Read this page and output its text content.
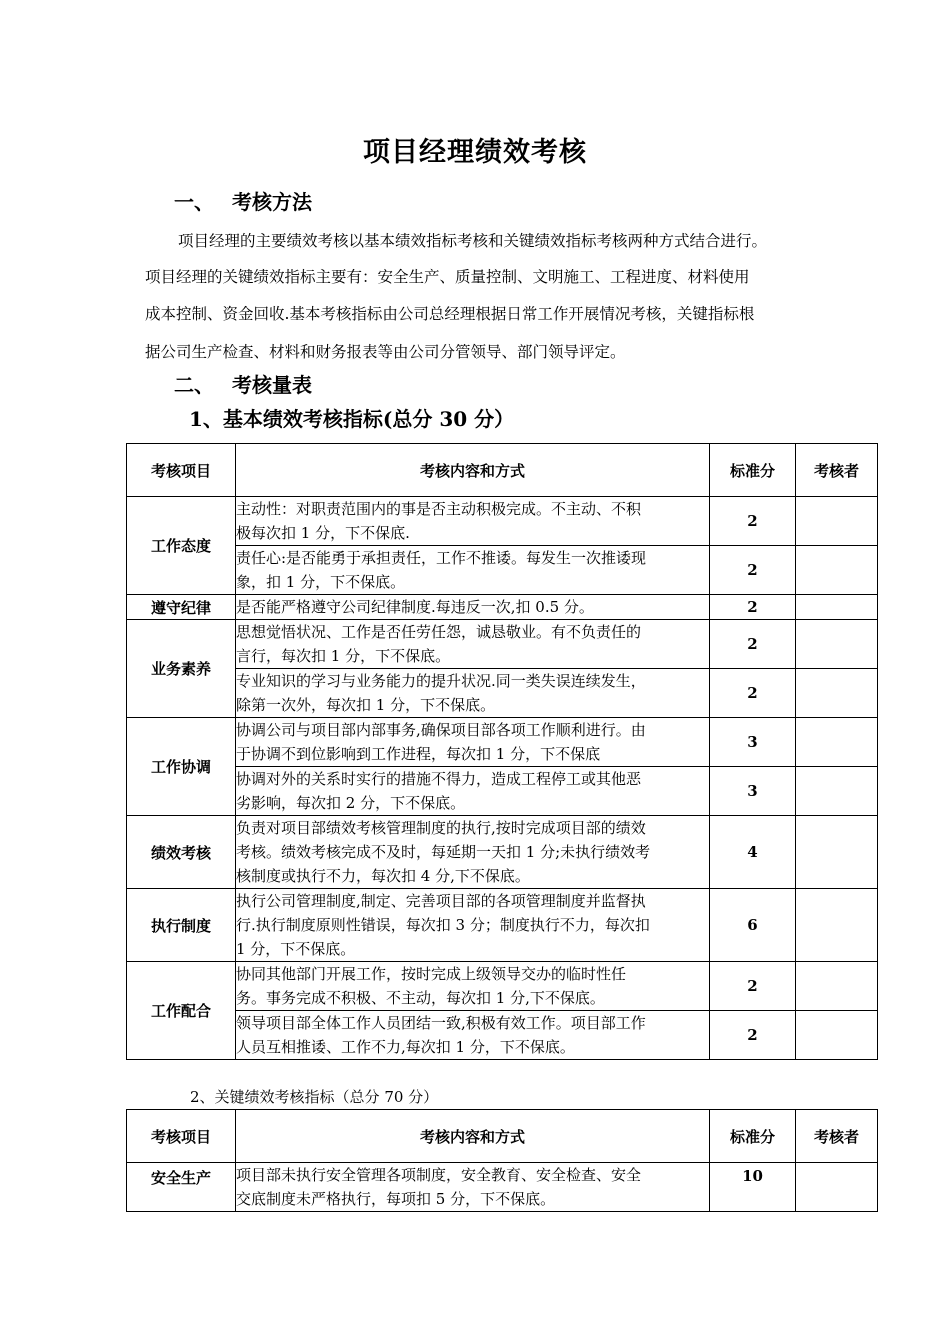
项目经理绩效考核
一、 考核方法
项目经理的主要绩效考核以基本绩效指标考核和关键绩效指标考核两种方式结合进行。
项目经理的关键绩效指标主要有：安全生产、质量控制、文明施工、工程进度、材料使用
成本控制、资金回收.基本考核指标由公司总经理根据日常工作开展情况考核，关键指标根
据公司生产检查、材料和财务报表等由公司分管领导、部门领导评定。
二、 考核量表
1、基本绩效考核指标(总分 30 分）
考核项目	考核内容和方式	标准分	考核者
工作态度	主动性：对职责范围内的事是否主动积极完成。不主动、不积
极每次扣 1 分，下不保底.	2	

	责任心:是否能勇于承担责任，工作不推诿。每发生一次推诿现
象，扣 1 分，下不保底。	2	
遵守纪律	是否能严格遵守公司纪律制度.每违反一次,扣 0.5 分。	2	
业务素养	思想觉悟状况、工作是否任劳任怨，诚恳敬业。有不负责任的
言行，每次扣 1 分，下不保底。	2	

	专业知识的学习与业务能力的提升状况.同一类失误连续发生，
除第一次外，每次扣 1 分，下不保底。	2	
工作协调	协调公司与项目部内部事务,确保项目部各项工作顺利进行。由
于协调不到位影响到工作进程，每次扣 1 分，下不保底	3	

	协调对外的关系时实行的措施不得力，造成工程停工或其他恶
劣影响，每次扣 2 分，下不保底。	3	
绩效考核	负责对项目部绩效考核管理制度的执行,按时完成项目部的绩效
考核。绩效考核完成不及时，每延期一天扣 1 分;未执行绩效考
核制度或执行不力，每次扣 4 分,下不保底。	4	
执行制度	执行公司管理制度,制定、完善项目部的各项管理制度并监督执
行.执行制度原则性错误，每次扣 3 分；制度执行不力，每次扣
1 分，下不保底。	6	
工作配合	协同其他部门开展工作，按时完成上级领导交办的临时性任
务。事务完成不积极、不主动，每次扣 1 分,下不保底。	2	

	领导项目部全体工作人员团结一致,积极有效工作。项目部工作
人员互相推诿、工作不力,每次扣 1 分，下不保底。	2	
2、关键绩效考核指标（总分 70 分）
考核项目	考核内容和方式	标准分	考核者
安全生产	项目部未执行安全管理各项制度，安全教育、安全检查、安全
交底制度未严格执行，每项扣 5 分，下不保底。	10	
